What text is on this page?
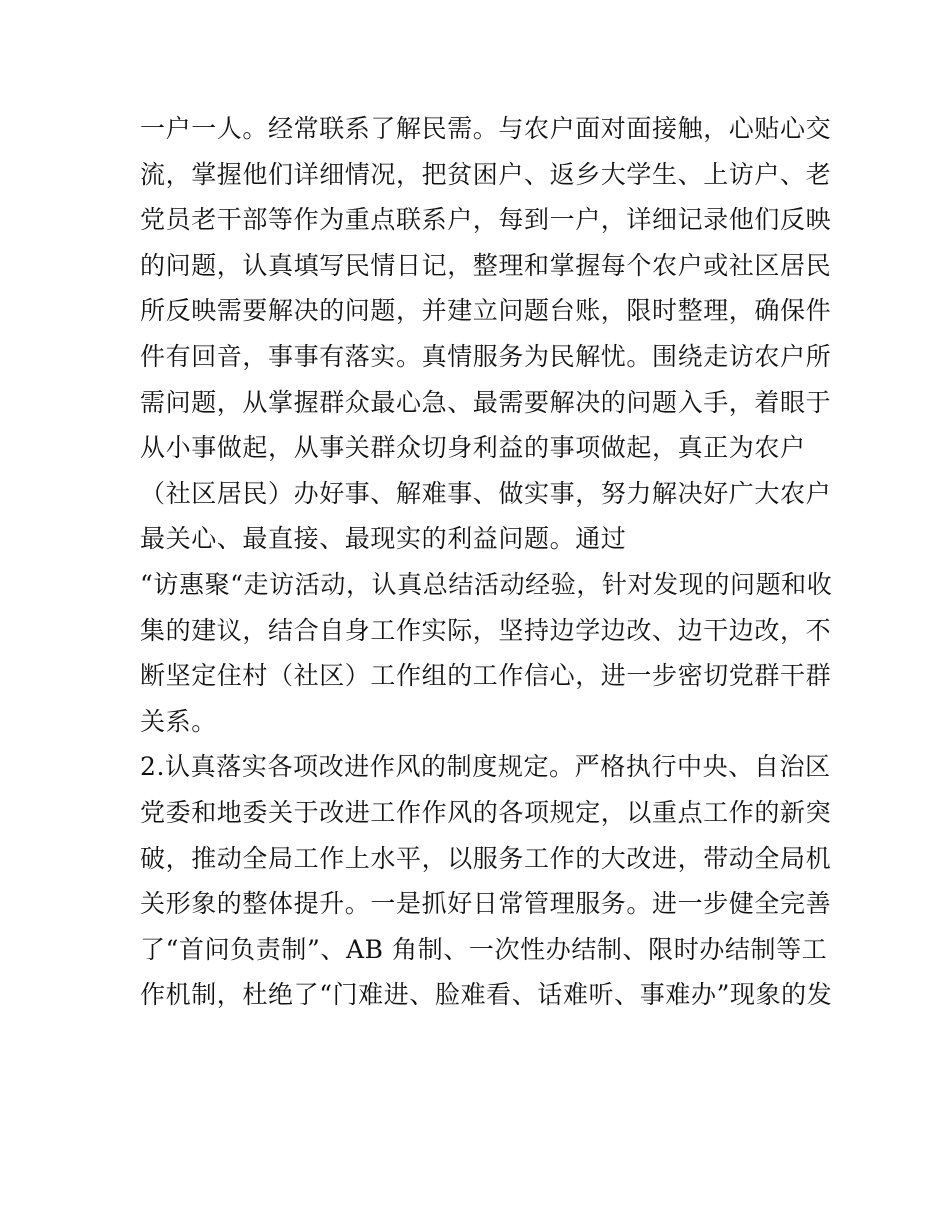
一户一人。经常联系了解民需。与农户面对面接触，心贴心交
流，掌握他们详细情况，把贫困户、返乡大学生、上访户、老
党员老干部等作为重点联系户，每到一户，详细记录他们反映
的问题，认真填写民情日记，整理和掌握每个农户或社区居民
所反映需要解决的问题，并建立问题台账，限时整理，确保件
件有回音，事事有落实。真情服务为民解忧。围绕走访农户所
需问题，从掌握群众最心急、最需要解决的问题入手，着眼于
从小事做起，从事关群众切身利益的事项做起，真正为农户
（社区居民）办好事、解难事、做实事，努力解决好广大农户
最关心、最直接、最现实的利益问题。通过
“访惠聚“走访活动，认真总结活动经验，针对发现的问题和收
集的建议，结合自身工作实际，坚持边学边改、边干边改，不
断坚定住村（社区）工作组的工作信心，进一步密切党群干群
关系。
2.认真落实各项改进作风的制度规定。严格执行中央、自治区
党委和地委关于改进工作作风的各项规定，以重点工作的新突
破，推动全局工作上水平，以服务工作的大改进，带动全局机
关形象的整体提升。一是抓好日常管理服务。进一步健全完善
了“首问负责制”、AB 角制、一次性办结制、限时办结制等工
作机制，杜绝了“门难进、脸难看、话难听、事难办”现象的发
